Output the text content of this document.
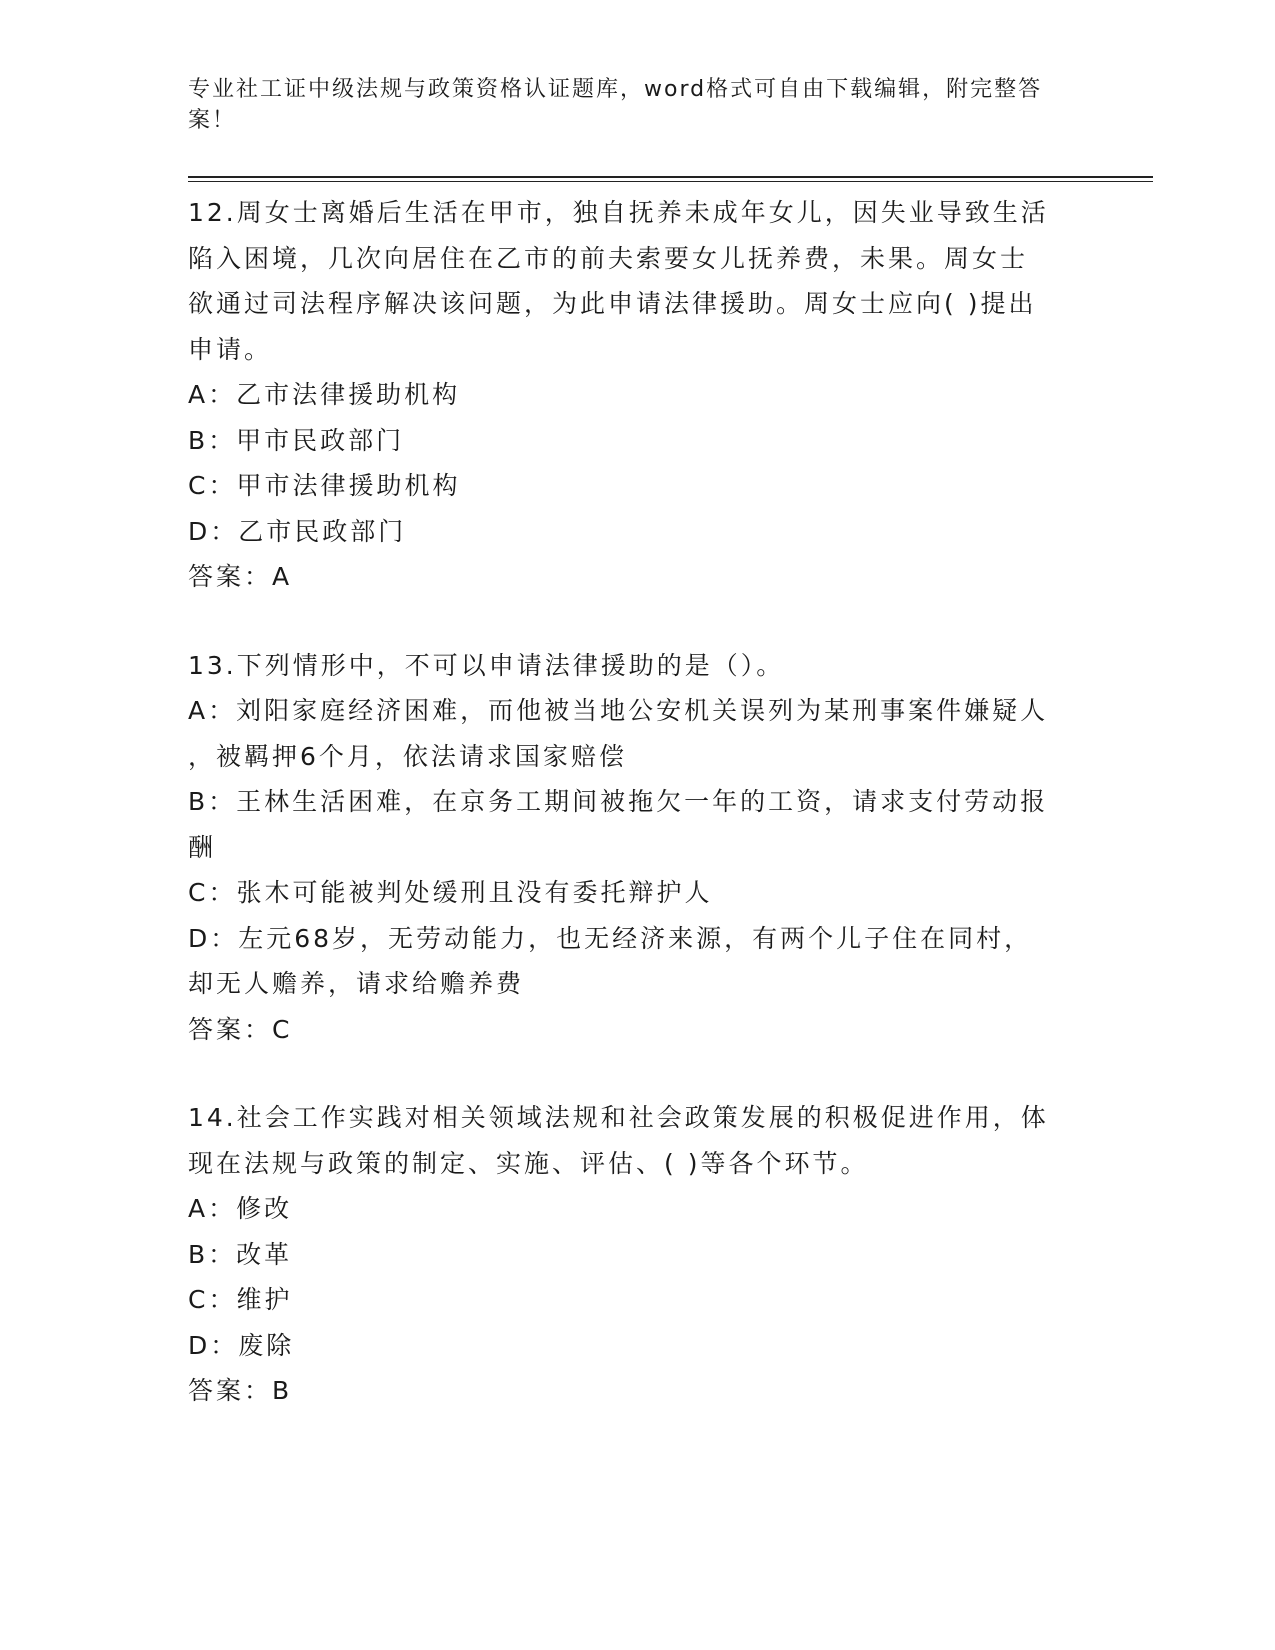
专业社工证中级法规与政策资格认证题库，word格式可自由下载编辑，附完整答
案！
12.周女士离婚后生活在甲市，独自抚养未成年女儿，因失业导致生活
陷入困境，几次向居住在乙市的前夫索要女儿抚养费，未果。周女士
欲通过司法程序解决该问题，为此申请法律援助。周女士应向( )提出
申请。
A：乙市法律援助机构
B：甲市民政部门
C：甲市法律援助机构
D：乙市民政部门
答案：A
13.下列情形中，不可以申请法律援助的是（）。
A：刘阳家庭经济困难，而他被当地公安机关误列为某刑事案件嫌疑人
，被羁押6个月，依法请求国家赔偿
B：王林生活困难，在京务工期间被拖欠一年的工资，请求支付劳动报
酬
C：张木可能被判处缓刑且没有委托辩护人
D：左元68岁，无劳动能力，也无经济来源，有两个儿子住在同村，
却无人赡养，请求给赡养费
答案：C
14.社会工作实践对相关领域法规和社会政策发展的积极促进作用，体
现在法规与政策的制定、实施、评估、( )等各个环节。
A：修改
B：改革
C：维护
D：废除
答案：B
